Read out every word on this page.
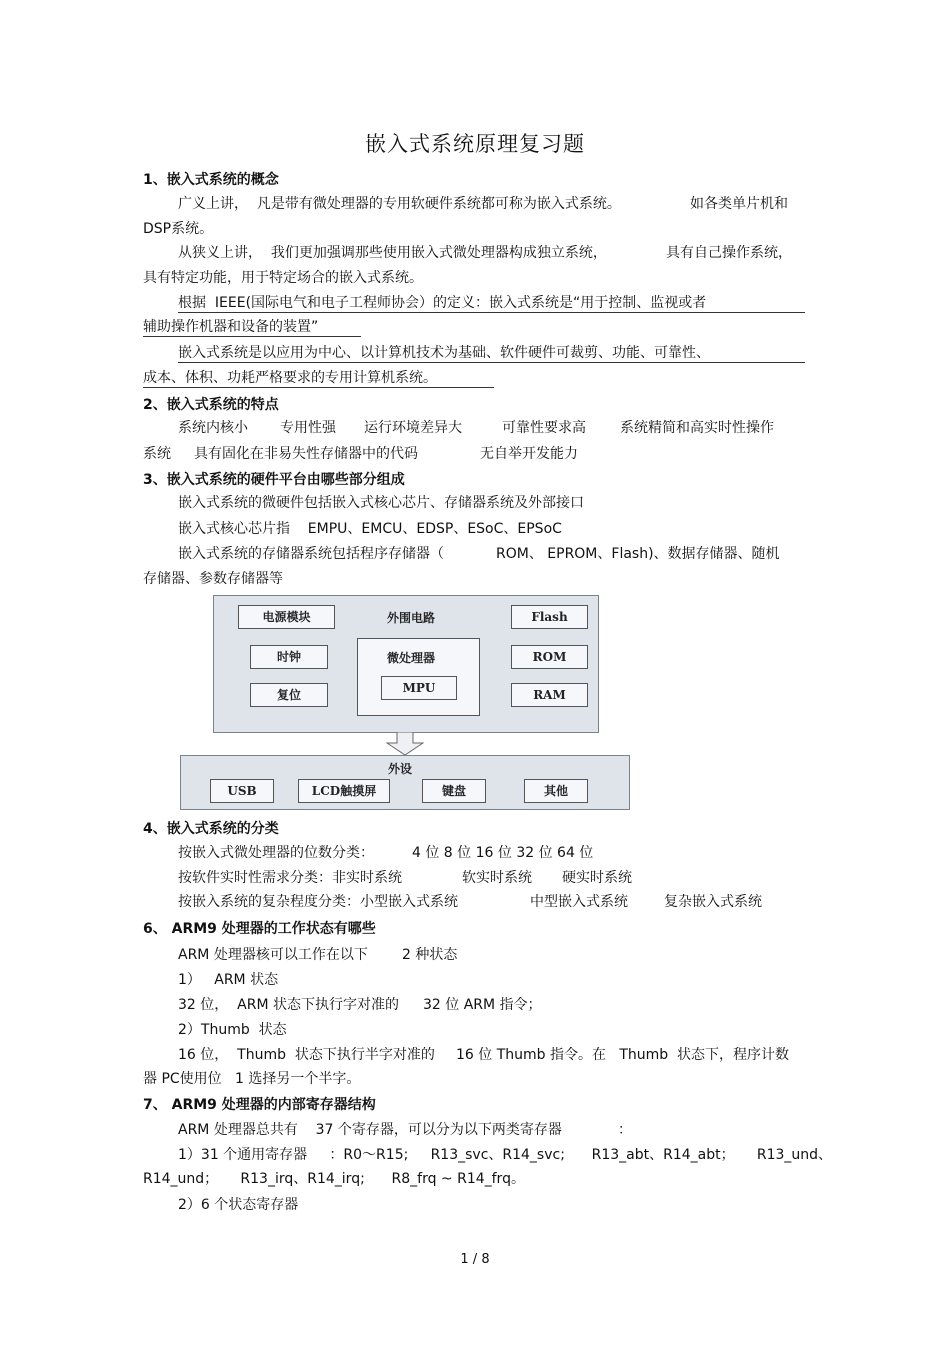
嵌入式系统原理复习题
1、嵌入式系统的概念
广义上讲，  凡是带有微处理器的专用软硬件系统都可称为嵌入式系统。	如各类单片机和
DSP系统。
从狭义上讲，  我们更加强调那些使用嵌入式微处理器构成独立系统，	具有自己操作系统，
具有特定功能，用于特定场合的嵌入式系统。
根据  IEEE(国际电气和电子工程师协会）的定义：嵌入式系统是“用于控制、监视或者
辅助操作机器和设备的装置”
嵌入式系统是以应用为中心、以计算机技术为基础、软件硬件可裁剪、功能、可靠性、
成本、体积、功耗严格要求的专用计算机系统。
2、嵌入式系统的特点
系统内核小 专用性强 运行环境差异大	可靠性要求高 系统精简和高实时性操作
系统 具有固化在非易失性存储器中的代码	无自举开发能力
3、嵌入式系统的硬件平台由哪些部分组成
嵌入式系统的微硬件包括嵌入式核心芯片、存储器系统及外部接口
嵌入式核心芯片指    EMPU、EMCU、EDSP、ESoC、EPSoC
嵌入式系统的存储器系统包括程序存储器（	ROM、 EPROM、Flash)、数据存储器、随机
存储器、参数存储器等
电源模块	外围电路	Flash
时钟	微处理器
MPU
ROM
复位	RAM
外设
USB	LCD触摸屏	键盘	其他
4、嵌入式系统的分类
按嵌入式微处理器的位数分类：	4 位 8 位 16 位 32 位 64 位
按软件实时性需求分类：非实时系统	软实时系统 硬实时系统
按嵌入系统的复杂程度分类：小型嵌入式系统	中型嵌入式系统	复杂嵌入式系统
6、 ARM9 处理器的工作状态有哪些
ARM 处理器核可以工作在以下 2 种状态
1）   ARM 状态
32 位，  ARM 状态下执行字对准的 32 位 ARM 指令；
2）Thumb  状态
16 位，  Thumb  状态下执行半字对准的 16 位 Thumb 指令。在   Thumb  状态下，程序计数
器 PC使用位   1 选择另一个半字。
7、 ARM9 处理器的内部寄存器结构
ARM 处理器总共有    37 个寄存器，可以分为以下两类寄存器	：
1）31 个通用寄存器     ：R0～R15;     R13_svc、R14_svc;      R13_abt、R14_abt；     R13_und、
R14_und；     R13_irq、R14_irq;      R8_frq ~ R14_frq。
2）6 个状态寄存器
1 / 8
